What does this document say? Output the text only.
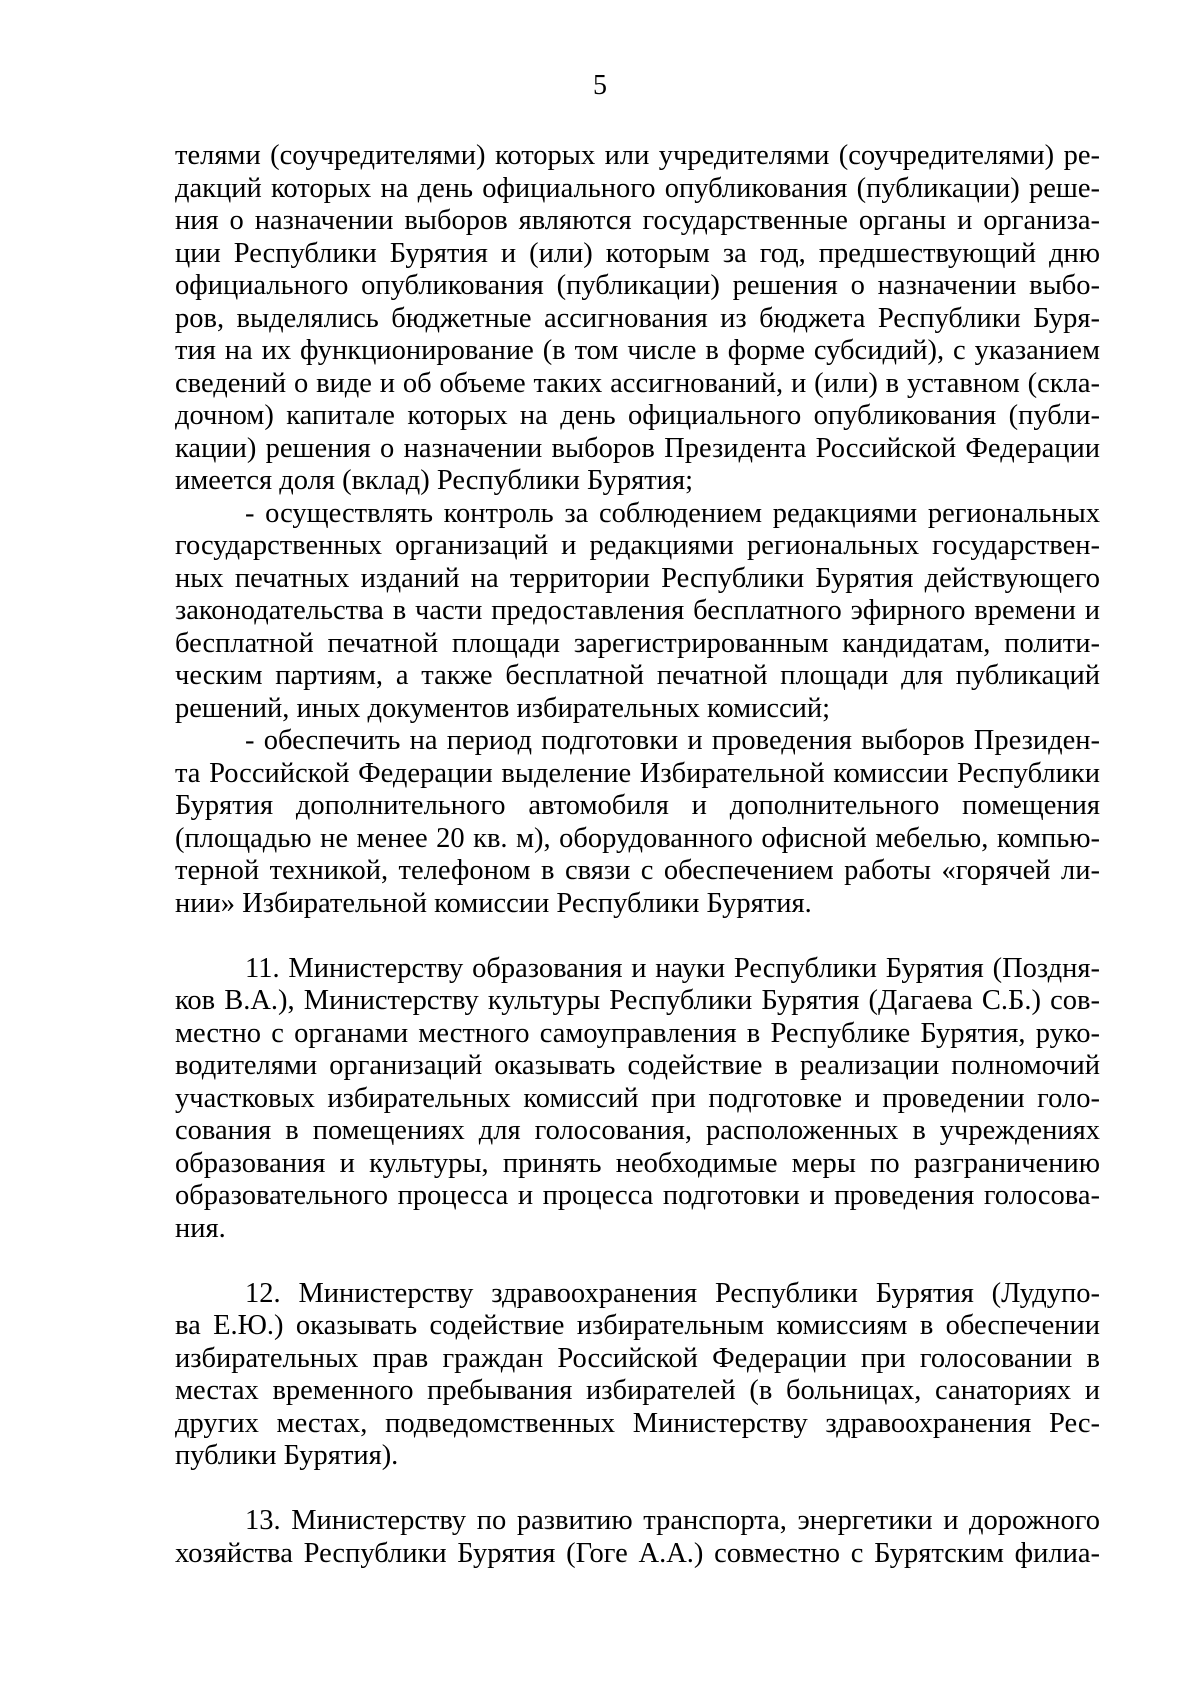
5
телями (соучредителями) которых или учредителями (соучредителями) ре-
дакций которых на день официального опубликования (публикации) реше-
ния о назначении выборов являются государственные органы и организа-
ции Республики Бурятия и (или) которым за год, предшествующий дню
официального опубликования (публикации) решения о назначении выбо-
ров, выделялись бюджетные ассигнования из бюджета Республики Буря-
тия на их функционирование (в том числе в форме субсидий), с указанием
сведений о виде и об объеме таких ассигнований, и (или) в уставном (скла-
дочном) капитале которых на день официального опубликования (публи-
кации) решения о назначении выборов Президента Российской Федерации
имеется доля (вклад) Республики Бурятия;
- осуществлять контроль за соблюдением редакциями региональных
государственных организаций и редакциями региональных государствен-
ных печатных изданий на территории Республики Бурятия действующего
законодательства в части предоставления бесплатного эфирного времени и
бесплатной печатной площади зарегистрированным кандидатам, полити-
ческим партиям, а также бесплатной печатной площади для публикаций
решений, иных документов избирательных комиссий;
- обеспечить на период подготовки и проведения выборов Президен-
та Российской Федерации выделение Избирательной комиссии Республики
Бурятия дополнительного автомобиля и дополнительного помещения
(площадью не менее 20 кв. м), оборудованного офисной мебелью, компью-
терной техникой, телефоном в связи с обеспечением работы «горячей ли-
нии» Избирательной комиссии Республики Бурятия.
11. Министерству образования и науки Республики Бурятия (Поздня-
ков В.А.), Министерству культуры Республики Бурятия (Дагаева С.Б.) сов-
местно с органами местного самоуправления в Республике Бурятия, руко-
водителями организаций оказывать содействие в реализации полномочий
участковых избирательных комиссий при подготовке и проведении голо-
сования в помещениях для голосования, расположенных в учреждениях
образования и культуры, принять необходимые меры по разграничению
образовательного процесса и процесса подготовки и проведения голосова-
ния.
12. Министерству здравоохранения Республики Бурятия (Лудупо-
ва Е.Ю.) оказывать содействие избирательным комиссиям в обеспечении
избирательных прав граждан Российской Федерации при голосовании в
местах временного пребывания избирателей (в больницах, санаториях и
других местах, подведомственных Министерству здравоохранения Рес-
публики Бурятия).
13. Министерству по развитию транспорта, энергетики и дорожного
хозяйства Республики Бурятия (Гоге А.А.) совместно с Бурятским филиа-
